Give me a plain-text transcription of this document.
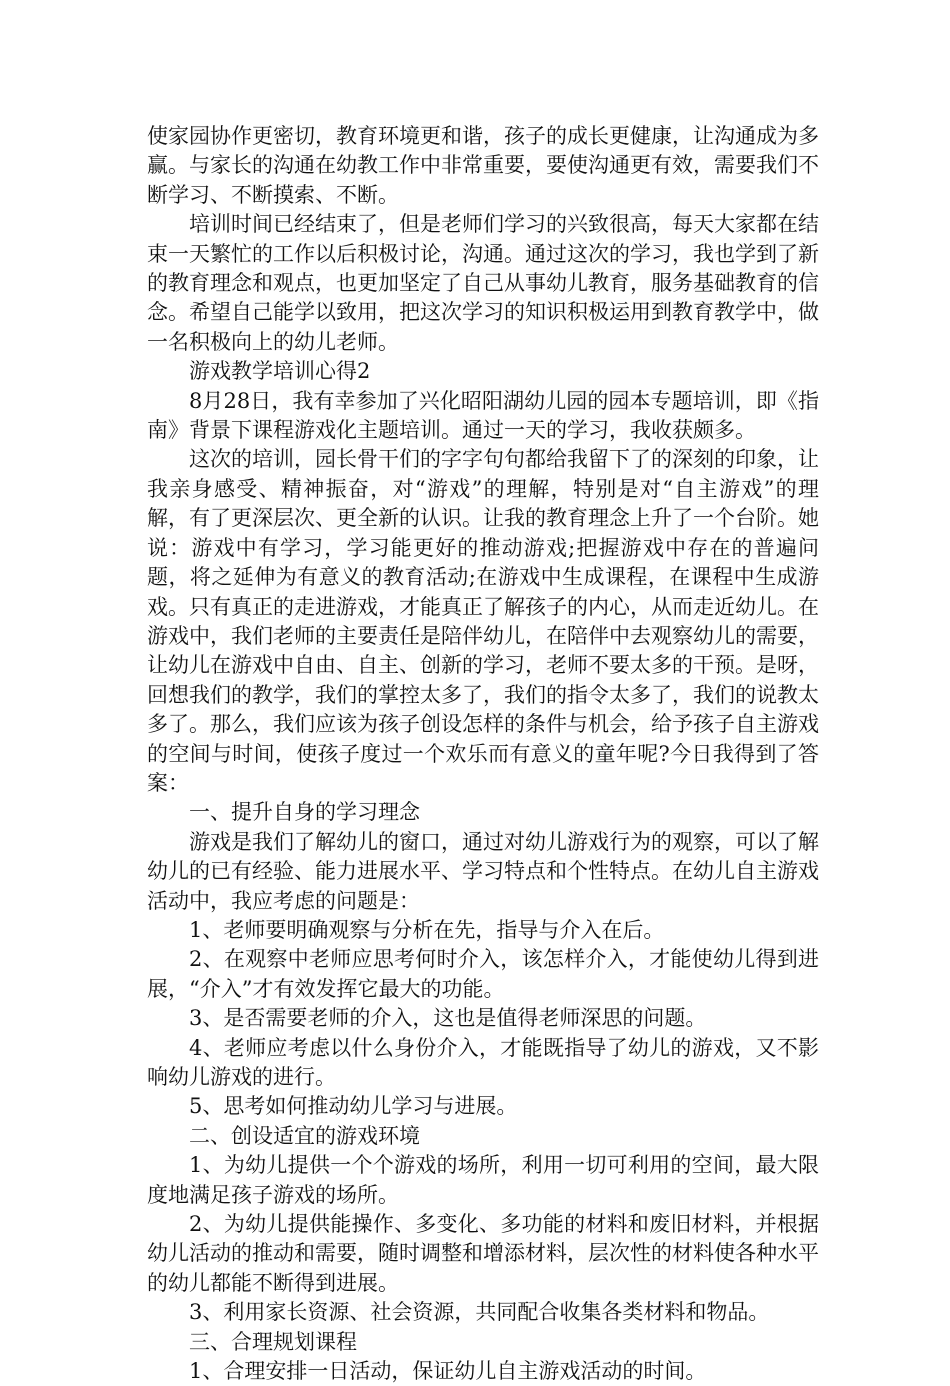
使家园协作更密切，教育环境更和谐，孩子的成长更健康，让沟通成为多赢。与家长的沟通在幼教工作中非常重要，要使沟通更有效，需要我们不断学习、不断摸索、不断。

培训时间已经结束了，但是老师们学习的兴致很高，每天大家都在结束一天繁忙的工作以后积极讨论，沟通。通过这次的学习，我也学到了新的教育理念和观点，也更加坚定了自己从事幼儿教育，服务基础教育的信念。希望自己能学以致用，把这次学习的知识积极运用到教育教学中，做一名积极向上的幼儿老师。

游戏教学培训心得2

8月28日，我有幸参加了兴化昭阳湖幼儿园的园本专题培训，即《指南》背景下课程游戏化主题培训。通过一天的学习，我收获颇多。

这次的培训，园长骨干们的字字句句都给我留下了的深刻的印象，让我亲身感受、精神振奋，对“游戏”的理解，特别是对“自主游戏”的理解，有了更深层次、更全新的认识。让我的教育理念上升了一个台阶。她说：游戏中有学习，学习能更好的推动游戏;把握游戏中存在的普遍问题，将之延伸为有意义的教育活动;在游戏中生成课程，在课程中生成游戏。只有真正的走进游戏，才能真正了解孩子的内心，从而走近幼儿。在游戏中，我们老师的主要责任是陪伴幼儿，在陪伴中去观察幼儿的需要，让幼儿在游戏中自由、自主、创新的学习，老师不要太多的干预。是呀，回想我们的教学，我们的掌控太多了，我们的指令太多了，我们的说教太多了。那么，我们应该为孩子创设怎样的条件与机会，给予孩子自主游戏的空间与时间，使孩子度过一个欢乐而有意义的童年呢?今日我得到了答案：

一、提升自身的学习理念

游戏是我们了解幼儿的窗口，通过对幼儿游戏行为的观察，可以了解幼儿的已有经验、能力进展水平、学习特点和个性特点。在幼儿自主游戏活动中，我应考虑的问题是：

1、老师要明确观察与分析在先，指导与介入在后。

2、在观察中老师应思考何时介入，该怎样介入，才能使幼儿得到进展，“介入”才有效发挥它最大的功能。

3、是否需要老师的介入，这也是值得老师深思的问题。

4、老师应考虑以什么身份介入，才能既指导了幼儿的游戏，又不影响幼儿游戏的进行。

5、思考如何推动幼儿学习与进展。

二、创设适宜的游戏环境

1、为幼儿提供一个个游戏的场所，利用一切可利用的空间，最大限度地满足孩子游戏的场所。

2、为幼儿提供能操作、多变化、多功能的材料和废旧材料，并根据幼儿活动的推动和需要，随时调整和增添材料，层次性的材料使各种水平的幼儿都能不断得到进展。

3、利用家长资源、社会资源，共同配合收集各类材料和物品。

三、合理规划课程

1、合理安排一日活动，保证幼儿自主游戏活动的时间。
